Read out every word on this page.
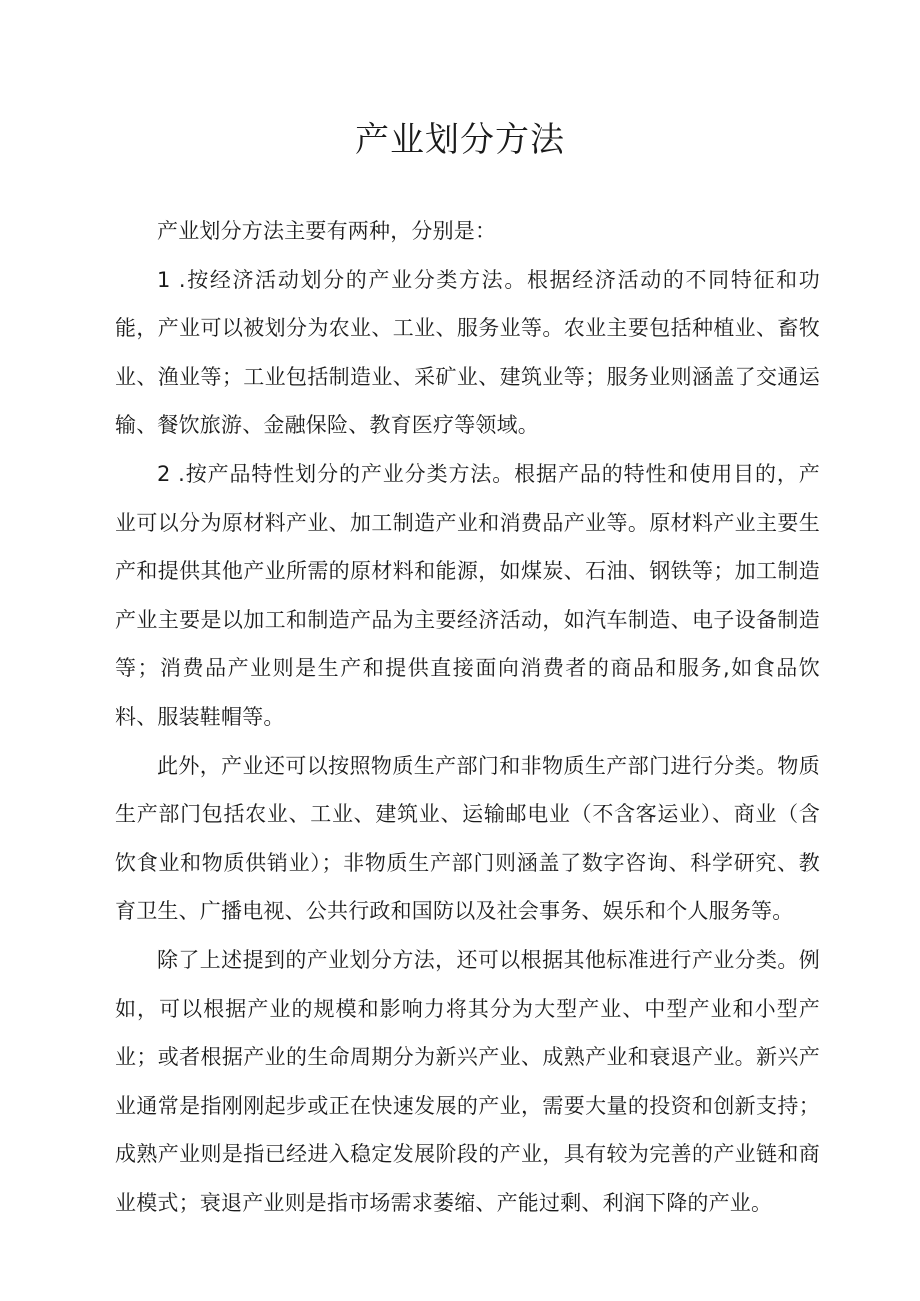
产业划分方法

产业划分方法主要有两种，分别是：

1 .按经济活动划分的产业分类方法。根据经济活动的不同特征和功能，产业可以被划分为农业、工业、服务业等。农业主要包括种植业、畜牧业、渔业等；工业包括制造业、采矿业、建筑业等；服务业则涵盖了交通运输、餐饮旅游、金融保险、教育医疗等领域。

2 .按产品特性划分的产业分类方法。根据产品的特性和使用目的，产业可以分为原材料产业、加工制造产业和消费品产业等。原材料产业主要生产和提供其他产业所需的原材料和能源，如煤炭、石油、钢铁等；加工制造产业主要是以加工和制造产品为主要经济活动，如汽车制造、电子设备制造等；消费品产业则是生产和提供直接面向消费者的商品和服务,如食品饮料、服装鞋帽等。

此外，产业还可以按照物质生产部门和非物质生产部门进行分类。物质生产部门包括农业、工业、建筑业、运输邮电业（不含客运业）、商业（含饮食业和物质供销业）；非物质生产部门则涵盖了数字咨询、科学研究、教育卫生、广播电视、公共行政和国防以及社会事务、娱乐和个人服务等。

除了上述提到的产业划分方法，还可以根据其他标准进行产业分类。例如，可以根据产业的规模和影响力将其分为大型产业、中型产业和小型产业；或者根据产业的生命周期分为新兴产业、成熟产业和衰退产业。新兴产业通常是指刚刚起步或正在快速发展的产业，需要大量的投资和创新支持；成熟产业则是指已经进入稳定发展阶段的产业，具有较为完善的产业链和商业模式；衰退产业则是指市场需求萎缩、产能过剩、利润下降的产业。
